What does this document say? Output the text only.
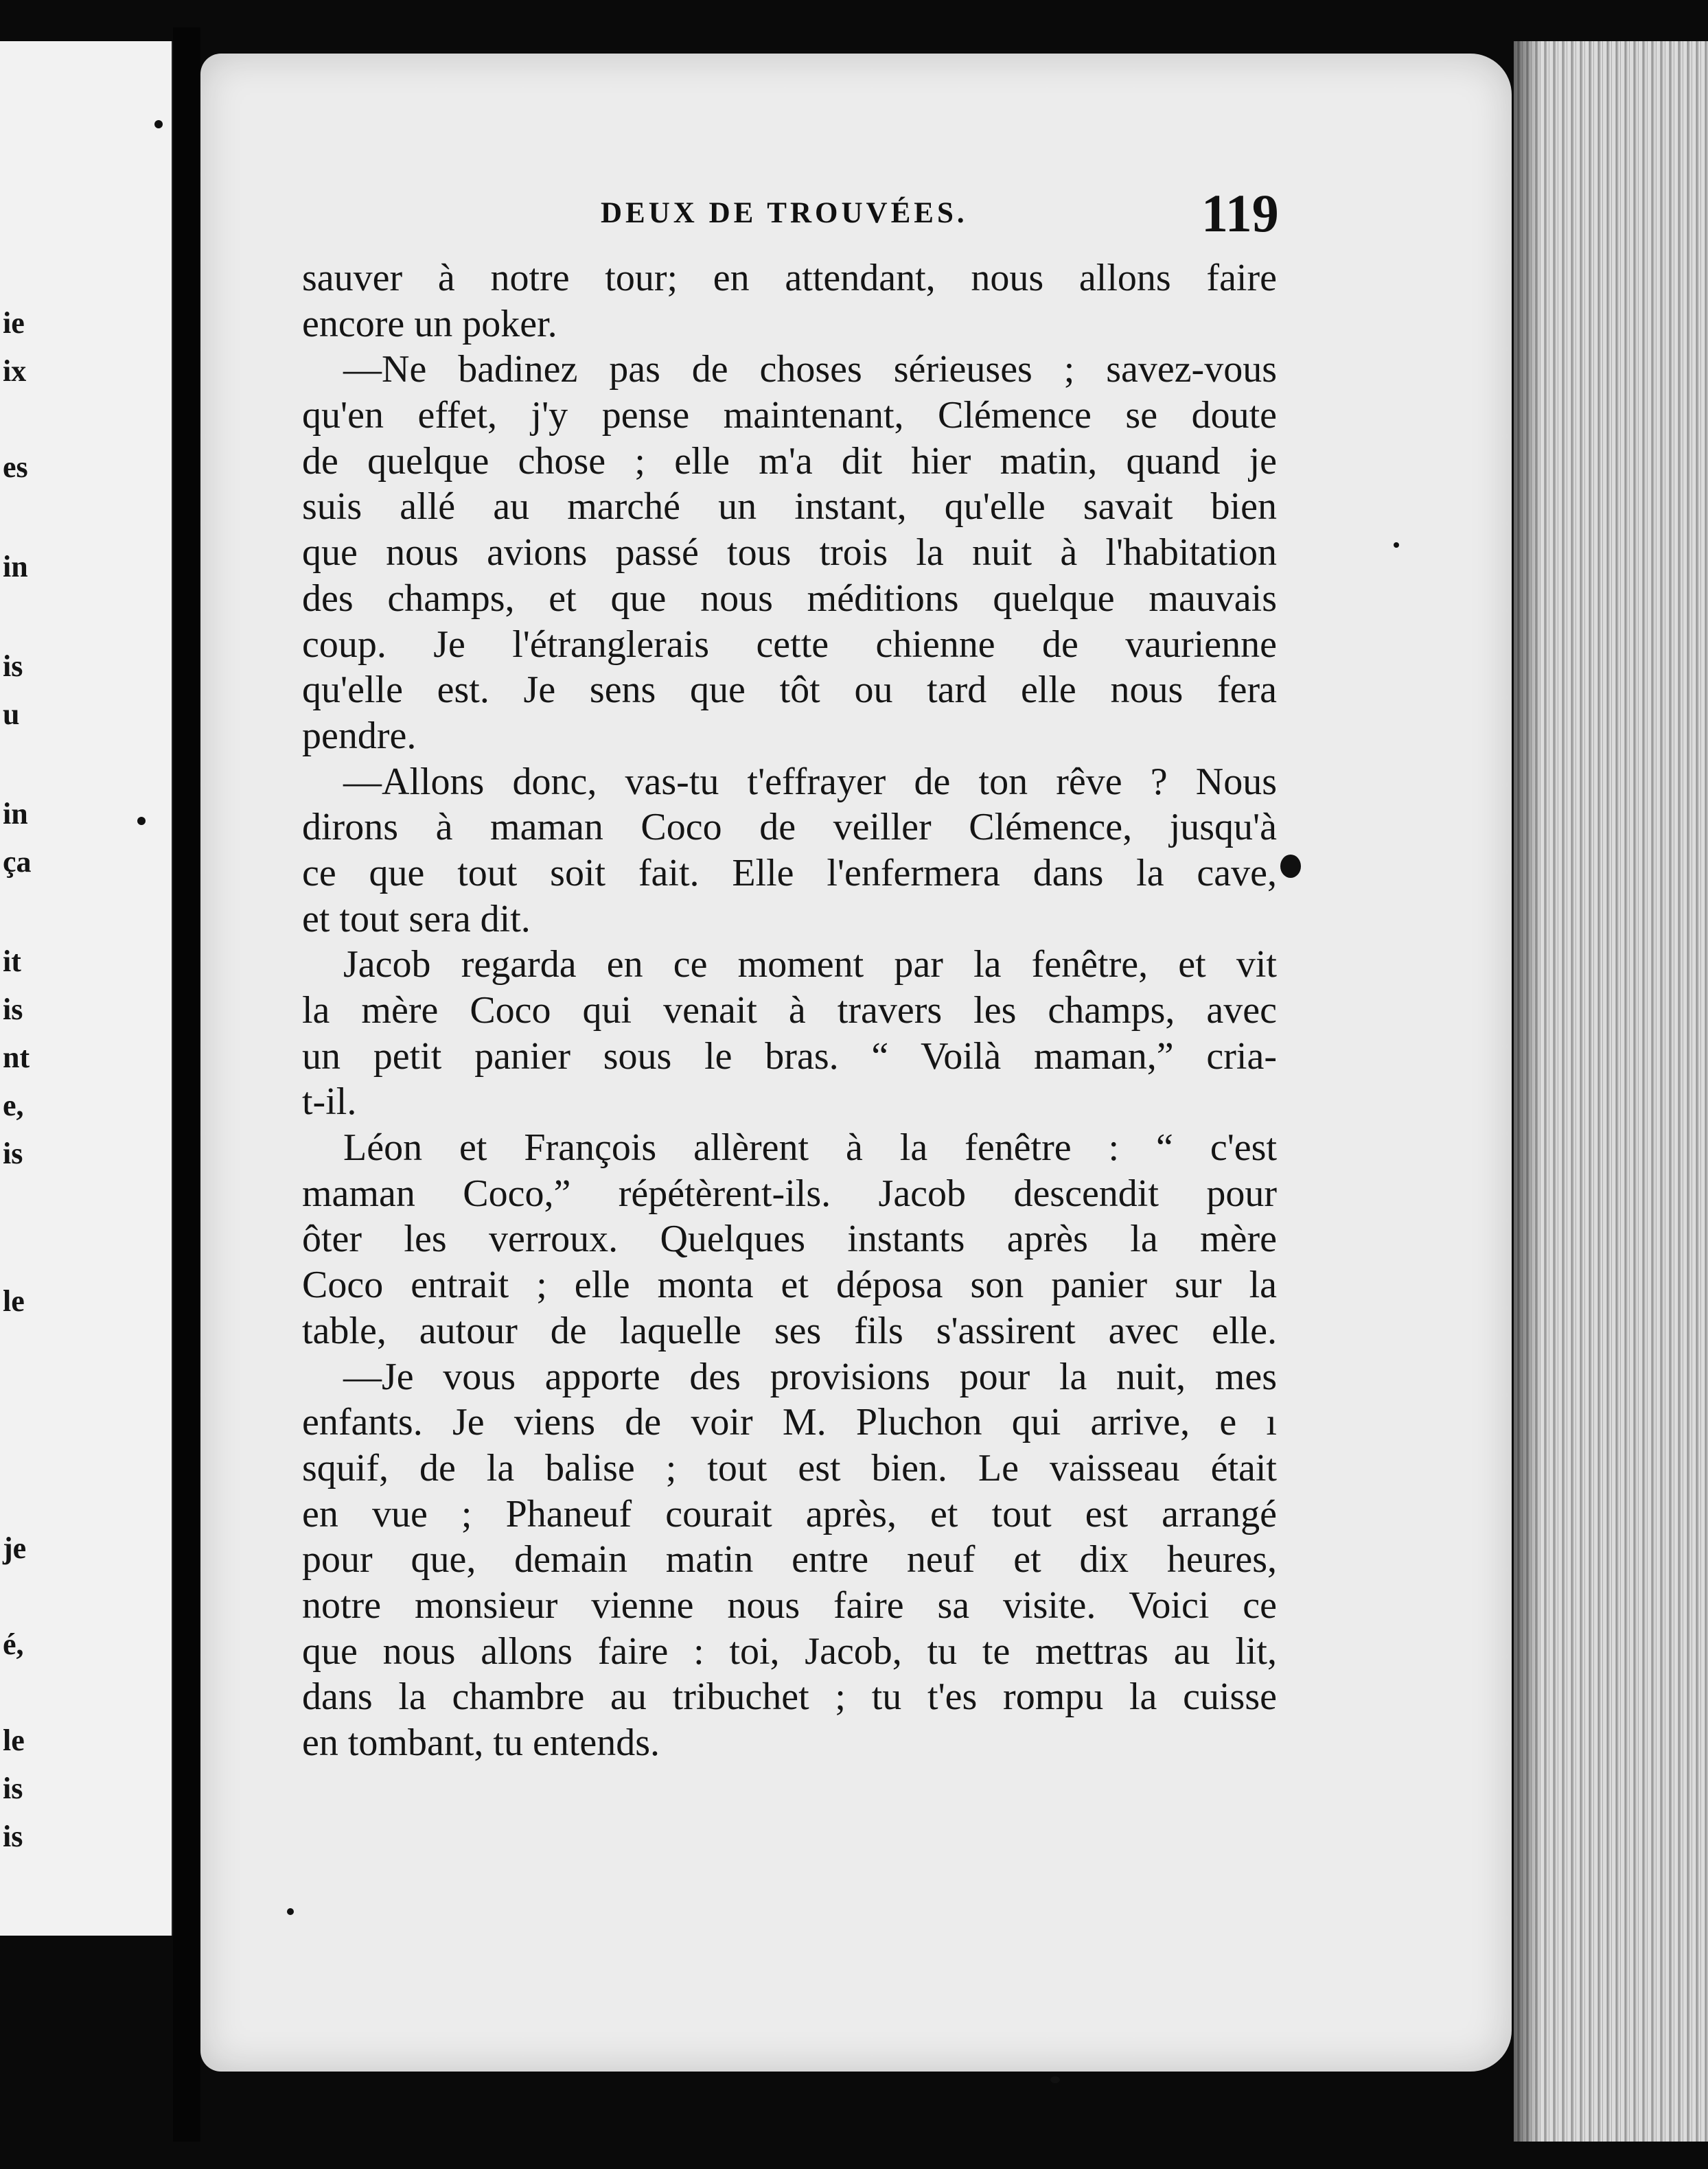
ie
ix
es
in
is
u
in
ça
it
is
nt
e,
is
le
je
é,
le
is
is
DEUX DE TROUVÉES.	119
sauver à notre tour; en attendant, nous allons faire
encore un poker.
—Ne badinez pas de choses sérieuses ; savez-vous
qu'en effet, j'y pense maintenant, Clémence se doute
de quelque chose ; elle m'a dit hier matin, quand je
suis allé au marché un instant, qu'elle savait bien
que nous avions passé tous trois la nuit à l'habitation
des champs, et que nous méditions quelque mauvais
coup. Je l'étranglerais cette chienne de vaurienne
qu'elle est. Je sens que tôt ou tard elle nous fera
pendre.
—Allons donc, vas-tu t'effrayer de ton rêve ? Nous
dirons à maman Coco de veiller Clémence, jusqu'à
ce que tout soit fait. Elle l'enfermera dans la cave,
et tout sera dit.
Jacob regarda en ce moment par la fenêtre, et vit
la mère Coco qui venait à travers les champs, avec
un petit panier sous le bras. “ Voilà maman,” cria-
t-il.
Léon et François allèrent à la fenêtre : “ c'est
maman Coco,” répétèrent-ils. Jacob descendit pour
ôter les verroux. Quelques instants après la mère
Coco entrait ; elle monta et déposa son panier sur la
table, autour de laquelle ses fils s'assirent avec elle.
—Je vous apporte des provisions pour la nuit, mes
enfants. Je viens de voir M. Pluchon qui arrive, e ı
squif, de la balise ; tout est bien. Le vaisseau était
en vue ; Phaneuf courait après, et tout est arrangé
pour que, demain matin entre neuf et dix heures,
notre monsieur vienne nous faire sa visite. Voici ce
que nous allons faire : toi, Jacob, tu te mettras au lit,
dans la chambre au tribuchet ; tu t'es rompu la cuisse
en tombant, tu entends.
